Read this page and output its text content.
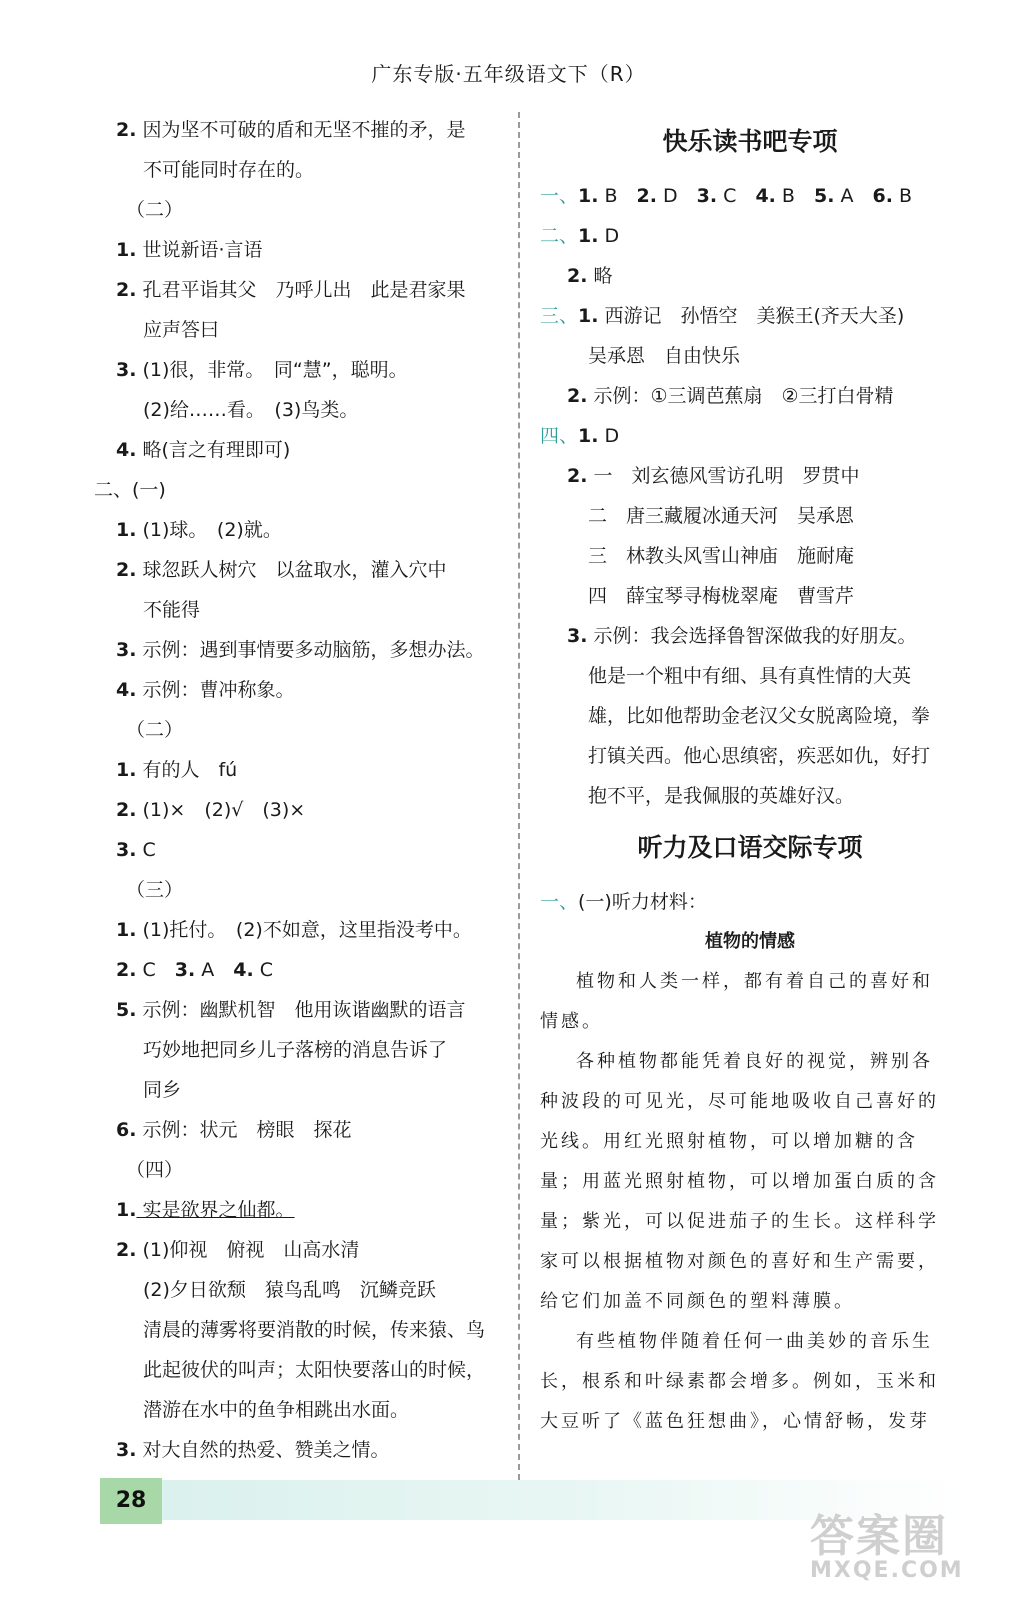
广东专版·五年级语文下（R）
2. 因为坚不可破的盾和无坚不摧的矛，是
不可能同时存在的。
（二）
1. 世说新语·言语
2. 孔君平诣其父　乃呼儿出　此是君家果
应声答曰
3. (1)很，非常。　同“慧”，聪明。
(2)给……看。　(3)鸟类。
4. 略(言之有理即可)
二、(一)
1. (1)球。　(2)就。
2. 球忽跃人树穴　以盆取水，灌入穴中
不能得
3. 示例：遇到事情要多动脑筋，多想办法。
4. 示例：曹冲称象。
（二）
1. 有的人　fú
2. (1)×　(2)√　(3)×
3. C
（三）
1. (1)托付。　(2)不如意，这里指没考中。
2. C　3. A　4. C
5. 示例：幽默机智　他用诙谐幽默的语言
巧妙地把同乡儿子落榜的消息告诉了
同乡
6. 示例：状元　榜眼　探花
（四）
1. 实是欲界之仙都。
2. (1)仰视　俯视　山高水清
(2)夕日欲颓　猿鸟乱鸣　沉鳞竞跃
清晨的薄雾将要消散的时候，传来猿、鸟
此起彼伏的叫声；太阳快要落山的时候，
潜游在水中的鱼争相跳出水面。
3. 对大自然的热爱、赞美之情。
快乐读书吧专项
一、1. B　2. D　3. C　4. B　5. A　6. B
二、1. D
2. 略
三、1. 西游记　孙悟空　美猴王(齐天大圣)
吴承恩　自由快乐
2. 示例：①三调芭蕉扇　②三打白骨精
四、1. D
2. 一　刘玄德风雪访孔明　罗贯中
二　唐三藏履冰通天河　吴承恩
三　林教头风雪山神庙　施耐庵
四　薛宝琴寻梅栊翠庵　曹雪芹
3. 示例：我会选择鲁智深做我的好朋友。
他是一个粗中有细、具有真性情的大英
雄，比如他帮助金老汉父女脱离险境，拳
打镇关西。他心思缜密，疾恶如仇，好打
抱不平，是我佩服的英雄好汉。
听力及口语交际专项
一、(一)听力材料：
植物的情感

植物和人类一样，都有着自己的喜好和情感。

各种植物都能凭着良好的视觉，辨别各种波段的可见光，尽可能地吸收自己喜好的光线。用红光照射植物，可以增加糖的含量；用蓝光照射植物，可以增加蛋白质的含量；紫光，可以促进茄子的生长。这样科学家可以根据植物对颜色的喜好和生产需要，给它们加盖不同颜色的塑料薄膜。

有些植物伴随着任何一曲美妙的音乐生长，根系和叶绿素都会增多。例如，玉米和大豆听了《蓝色狂想曲》，心情舒畅，发芽

28
答案圈
MXQE.COM
